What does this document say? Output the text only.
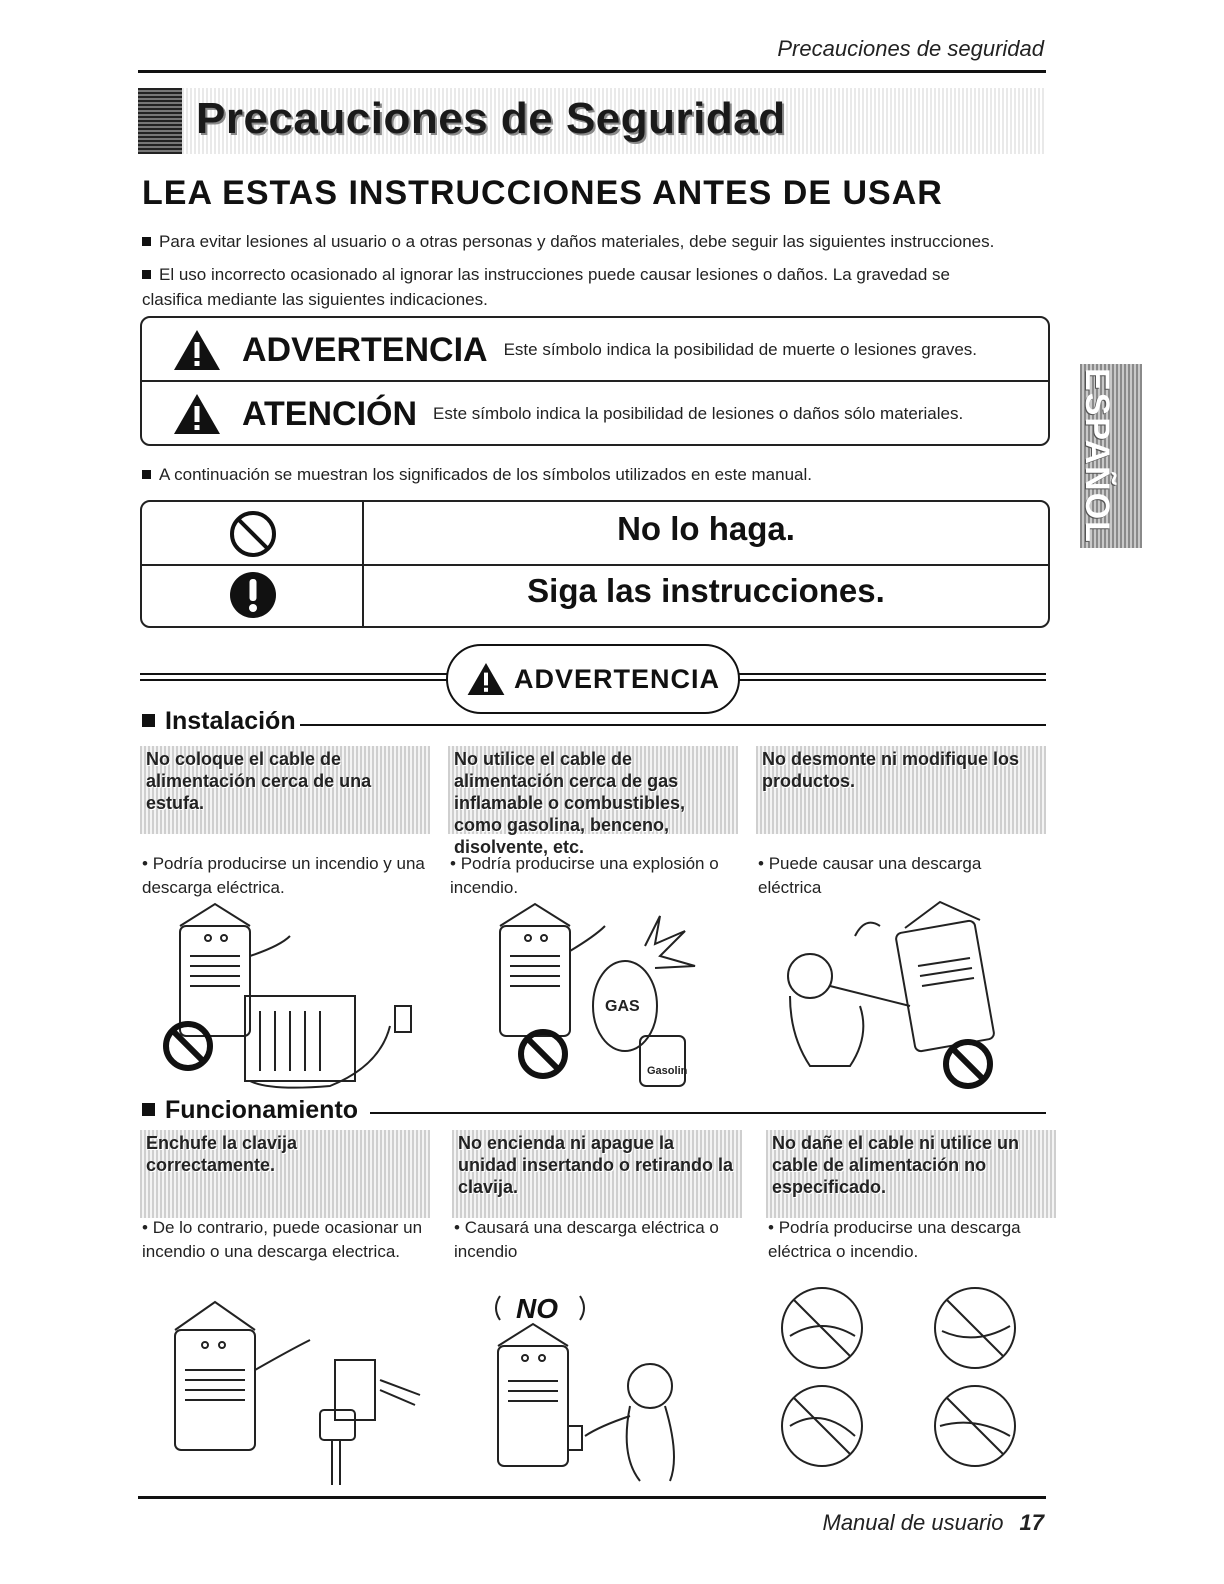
Precauciones de seguridad
Precauciones de Seguridad
LEA ESTAS INSTRUCCIONES ANTES DE USAR
Para evitar lesiones al usuario o a otras personas y daños materiales, debe seguir las siguientes instrucciones.
El uso incorrecto ocasionado al ignorar las instrucciones puede causar lesiones o daños. La gravedad se clasifica mediante las siguientes indicaciones.
ADVERTENCIA Este símbolo indica la posibilidad de muerte o lesiones graves.
ATENCIÓN Este símbolo indica la posibilidad de lesiones o daños sólo materiales.
A continuación se muestran los significados de los símbolos utilizados en este manual.
No lo haga.
Siga las instrucciones.
ADVERTENCIA
Instalación
No coloque el cable de alimentación cerca de una estufa.
No utilice el cable de alimentación cerca de gas inflamable o combustibles, como gasolina, benceno, disolvente, etc.
No desmonte ni modifique los productos.
• Podría producirse un incendio y una descarga eléctrica.
• Podría producirse una explosión o incendio.
• Puede causar una descarga eléctrica
GAS
Gasolin
Funcionamiento
Enchufe la clavija correctamente.
No encienda ni apague la unidad insertando o retirando la clavija.
No dañe el cable ni utilice un cable de alimentación no especificado.
• De lo contrario, puede ocasionar un incendio o una descarga electrica.
• Causará una descarga eléctrica o incendio
• Podría producirse una descarga eléctrica o incendio.
NO
ESPAÑOL
Manual de usuario 17
